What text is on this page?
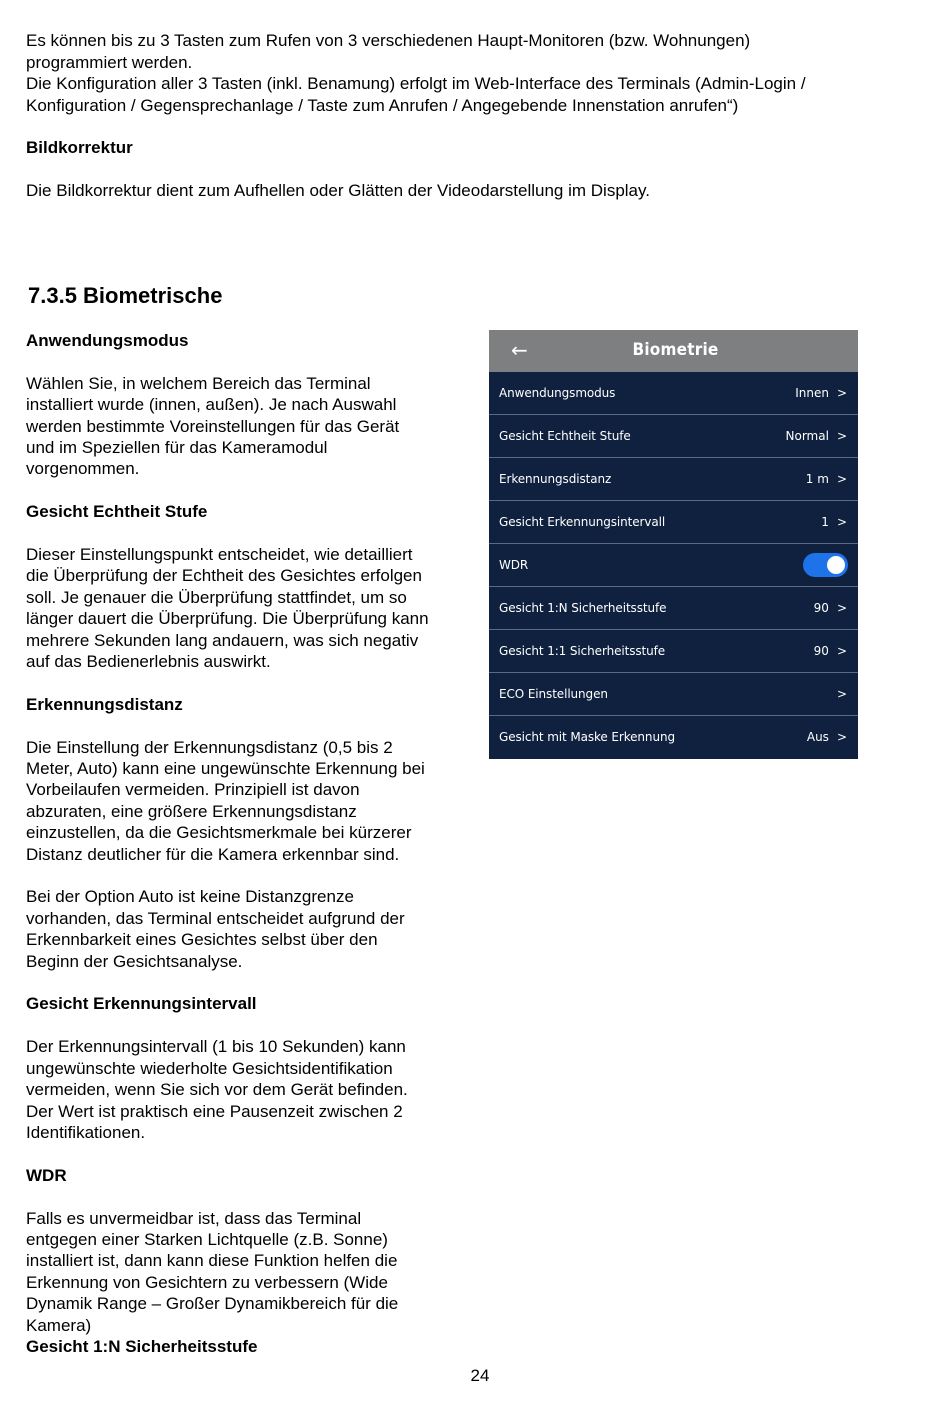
Es können bis zu 3 Tasten zum Rufen von 3 verschiedenen Haupt-Monitoren (bzw. Wohnungen)

programmiert werden.

Die Konfiguration aller 3 Tasten (inkl. Benamung) erfolgt im Web-Interface des Terminals (Admin-Login /

Konfiguration / Gegensprechanlage / Taste zum Anrufen / Angegebende Innenstation anrufen“)

Bildkorrektur

Die Bildkorrektur dient zum Aufhellen oder Glätten der Videodarstellung im Display.

7.3.5 Biometrische
Anwendungsmodus

Wählen Sie, in welchem Bereich das Terminal

installiert wurde (innen, außen). Je nach Auswahl

werden bestimmte Voreinstellungen für das Gerät

und im Speziellen für das Kameramodul

vorgenommen.

Gesicht Echtheit Stufe

Dieser Einstellungspunkt entscheidet, wie detailliert

die Überprüfung der Echtheit des Gesichtes erfolgen

soll. Je genauer die Überprüfung stattfindet, um so

länger dauert die Überprüfung. Die Überprüfung kann

mehrere Sekunden lang andauern, was sich negativ

auf das Bedienerlebnis auswirkt.

Erkennungsdistanz

Die Einstellung der Erkennungsdistanz (0,5 bis 2

Meter, Auto) kann eine ungewünschte Erkennung bei

Vorbeilaufen vermeiden. Prinzipiell ist davon

abzuraten, eine größere Erkennungsdistanz

einzustellen, da die Gesichtsmerkmale bei kürzerer

Distanz deutlicher für die Kamera erkennbar sind.

Bei der Option Auto ist keine Distanzgrenze

vorhanden, das Terminal entscheidet aufgrund der

Erkennbarkeit eines Gesichtes selbst über den

Beginn der Gesichtsanalyse.

Gesicht Erkennungsintervall

Der Erkennungsintervall (1 bis 10 Sekunden) kann

ungewünschte wiederholte Gesichtsidentifikation

vermeiden, wenn Sie sich vor dem Gerät befinden.

Der Wert ist praktisch eine Pausenzeit zwischen 2

Identifikationen.

WDR

Falls es unvermeidbar ist, dass das Terminal

entgegen einer Starken Lichtquelle (z.B. Sonne)

installiert ist, dann kann diese Funktion helfen die

Erkennung von Gesichtern zu verbessern (Wide

Dynamik Range – Großer Dynamikbereich für die

Kamera)

Gesicht 1:N Sicherheitsstufe
←	Biometrie
Anwendungsmodus	Innen >
Gesicht Echtheit Stufe	Normal >
Erkennungsdistanz	1 m >
Gesicht Erkennungsintervall	1 >
WDR
Gesicht 1:N Sicherheitsstufe	90 >
Gesicht 1:1 Sicherheitsstufe	90 >
ECO Einstellungen	>
Gesicht mit Maske Erkennung	Aus >
24
